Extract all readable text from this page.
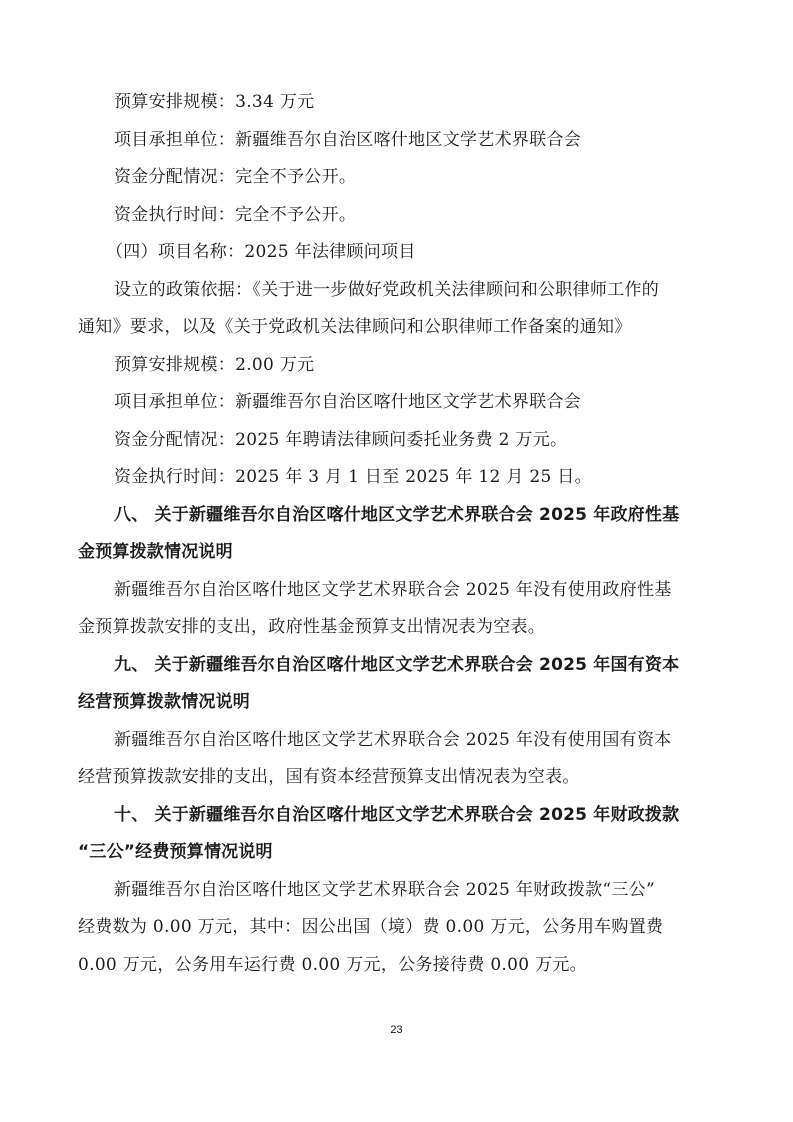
预算安排规模：3.34 万元
项目承担单位：新疆维吾尔自治区喀什地区文学艺术界联合会
资金分配情况：完全不予公开。
资金执行时间：完全不予公开。
（四）项目名称：2025 年法律顾问项目
设立的政策依据：《关于进一步做好党政机关法律顾问和公职律师工作的
通知》要求，以及《关于党政机关法律顾问和公职律师工作备案的通知》
预算安排规模：2.00 万元
项目承担单位：新疆维吾尔自治区喀什地区文学艺术界联合会
资金分配情况：2025 年聘请法律顾问委托业务费 2 万元。
资金执行时间：2025 年 3 月 1 日至 2025 年 12 月 25 日。
八、 关于新疆维吾尔自治区喀什地区文学艺术界联合会 2025 年政府性基
金预算拨款情况说明
新疆维吾尔自治区喀什地区文学艺术界联合会 2025 年没有使用政府性基
金预算拨款安排的支出，政府性基金预算支出情况表为空表。
九、 关于新疆维吾尔自治区喀什地区文学艺术界联合会 2025 年国有资本
经营预算拨款情况说明
新疆维吾尔自治区喀什地区文学艺术界联合会 2025 年没有使用国有资本
经营预算拨款安排的支出，国有资本经营预算支出情况表为空表。
十、 关于新疆维吾尔自治区喀什地区文学艺术界联合会 2025 年财政拨款
“三公”经费预算情况说明
新疆维吾尔自治区喀什地区文学艺术界联合会 2025 年财政拨款“三公”
经费数为 0.00 万元，其中：因公出国（境）费 0.00 万元，公务用车购置费
0.00 万元，公务用车运行费 0.00 万元，公务接待费 0.00 万元。
23
